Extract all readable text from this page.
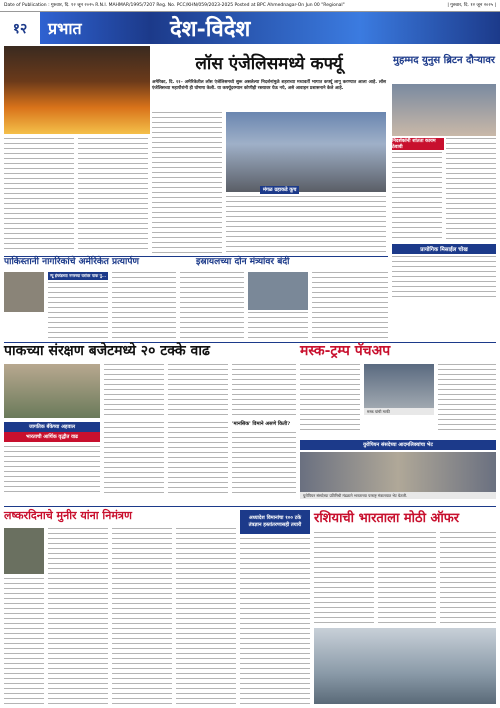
Date of Publication : गुरुवार, दि. १२ जून २०२५ R.N.I. MAHMAR/1995/7207 Reg. No. PCC/KHN/059/2023-2025 Posted at BPC Ahmednagar-On Jun 00 "Regional"	| गुरुवार, दि. १२ जून २०२५ |
१२	प्रभात	देश-विदेश
लॉस एंजेलिसमध्ये कर्फ्यू
अमेरिका, दि. ११– अमेरिकेतील लॉस एंजेलिसमध्ये सुरू असलेल्या निदर्शनांमुळे शहराच्या मध्यवर्ती भागात कर्फ्यू लागू करण्यात आला आहे. लॉस एंजेलिसच्या महापौरांनी ही घोषणा केली. या कर्फ्यूदरम्यान कोणीही रस्त्यावर येऊ नये, असे आवाहन प्रशासनाने केले आहे.
मंगळ ग्रहाकडे कूच
मुहम्मद युनुस ब्रिटन दौऱ्यावर
निदर्शकांनी शांतता कायम ठेवावी
प्रायोगिक मिसाईल चोख
पाकिस्तानी नागरिकांचे अमेरिकेत प्रत्यार्पण
न्यू इंग्लंडच्या नगरच्या घरांवर पाक पु...
इस्रायलच्या दोन मंत्र्यांवर बंदी
पाकच्या संरक्षण बजेटमध्ये २० टक्के वाढ
जागतिक बँकेच्या अहवाल
भारताची आर्थिक वृद्धीत वाढ
'मानसिक' विमाने असणे किती?
मस्क-ट्रम्प पॅचअप
मस्क यांची माफी
युरोपियन संसदेच्या आदमलिक्यांचा भेट
युरोपियन संसदेच्या प्रतिनिधी मंडळाने भारताच्या परराष्ट्र मंत्रालयात भेट घेतली.
लष्करदिनाचे मुनीर यांना निमंत्रण	अध्यादेश विमानांचा १०० टके तंत्रज्ञान हस्तांतरणासही तयारी रशियाची भारताला मोठी ऑफर
